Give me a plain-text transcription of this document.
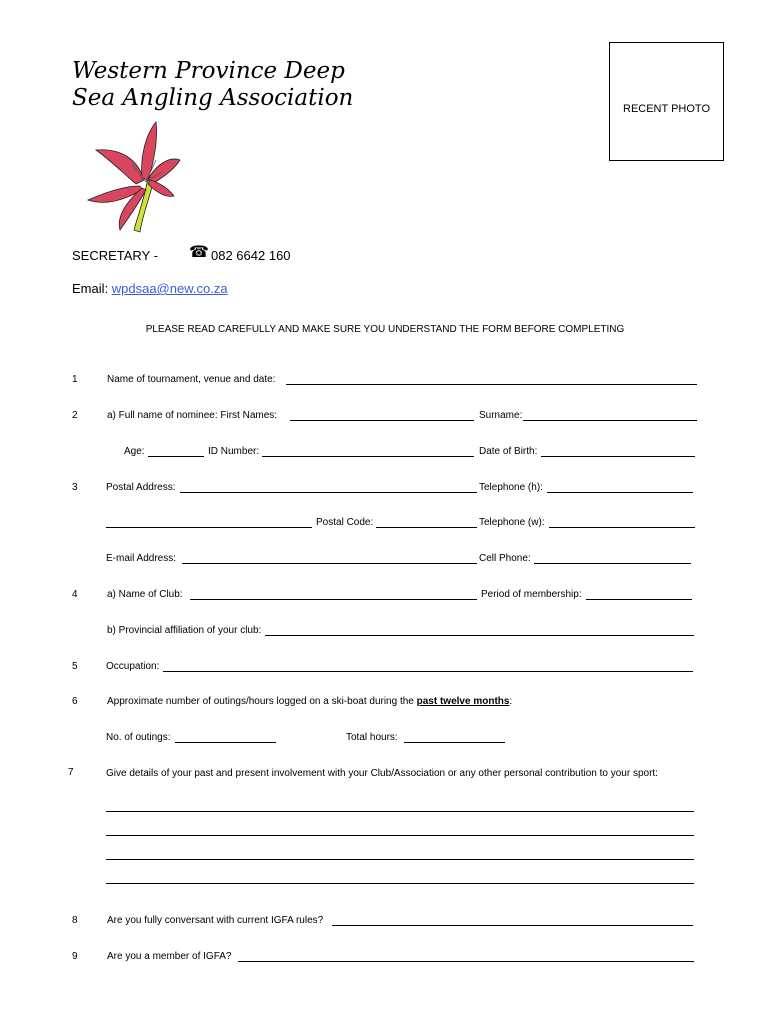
Western Province Deep
Sea Angling Association	RECENT PHOTO
SECRETARY - ☎ 082 6642 160
Email: wpdsaa@new.co.za
PLEASE READ CAREFULLY AND MAKE SURE YOU UNDERSTAND THE FORM BEFORE COMPLETING
1	Name of tournament, venue and date:
2	a) Full name of nominee: First Names:	Surname:
Age:	ID Number:	Date of Birth:
3	Postal Address:	Telephone (h):
Postal Code:	Telephone (w):
E-mail Address:	Cell Phone:
4	a) Name of Club:	Period of membership:
b) Provincial affiliation of your club:
5	Occupation:
6	Approximate number of outings/hours logged on a ski-boat during the past twelve months:
No. of outings:	Total hours:
7	Give details of your past and present involvement with your Club/Association or any other personal contribution to your sport:
8	Are you fully conversant with current IGFA rules?
9	Are you a member of IGFA?
